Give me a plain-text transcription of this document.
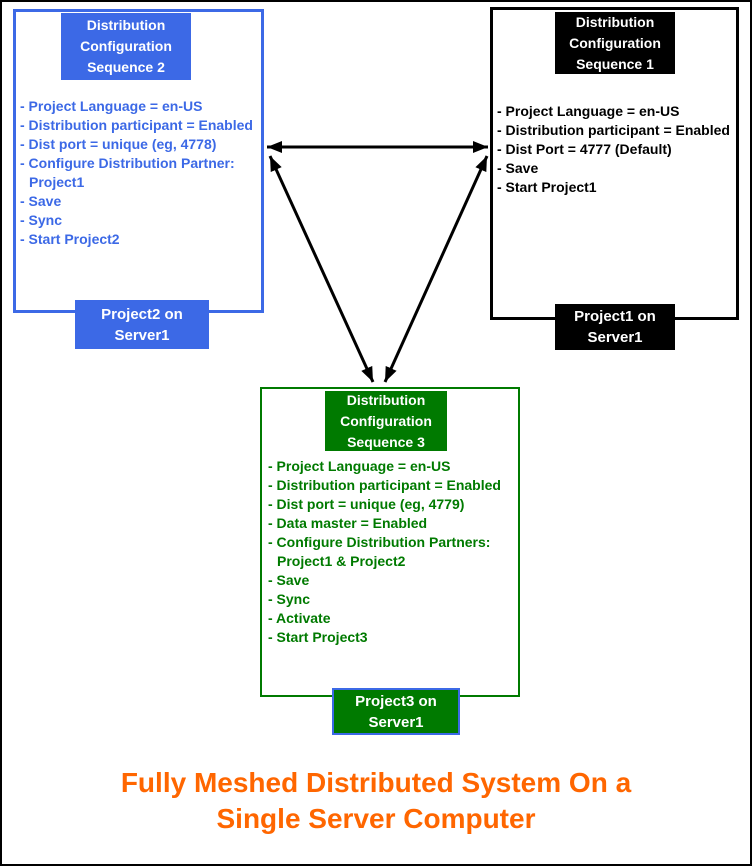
Distribution Configuration Sequence 2
- Project Language = en-US
- Distribution participant = Enabled
- Dist port = unique (eg, 4778)
- Configure Distribution Partner: Project1
- Save
- Sync
- Start Project2
Project2 on Server1
Distribution Configuration Sequence 1
- Project Language = en-US
- Distribution participant = Enabled
- Dist Port = 4777 (Default)
- Save
- Start Project1
Project1 on Server1
Distribution Configuration Sequence 3
- Project Language = en-US
- Distribution participant = Enabled
- Dist port = unique (eg, 4779)
- Data master = Enabled
- Configure Distribution Partners: Project1 & Project2
- Save
- Sync
- Activate
- Start Project3
Project3 on Server1
Fully Meshed Distributed System On a
Single Server Computer
